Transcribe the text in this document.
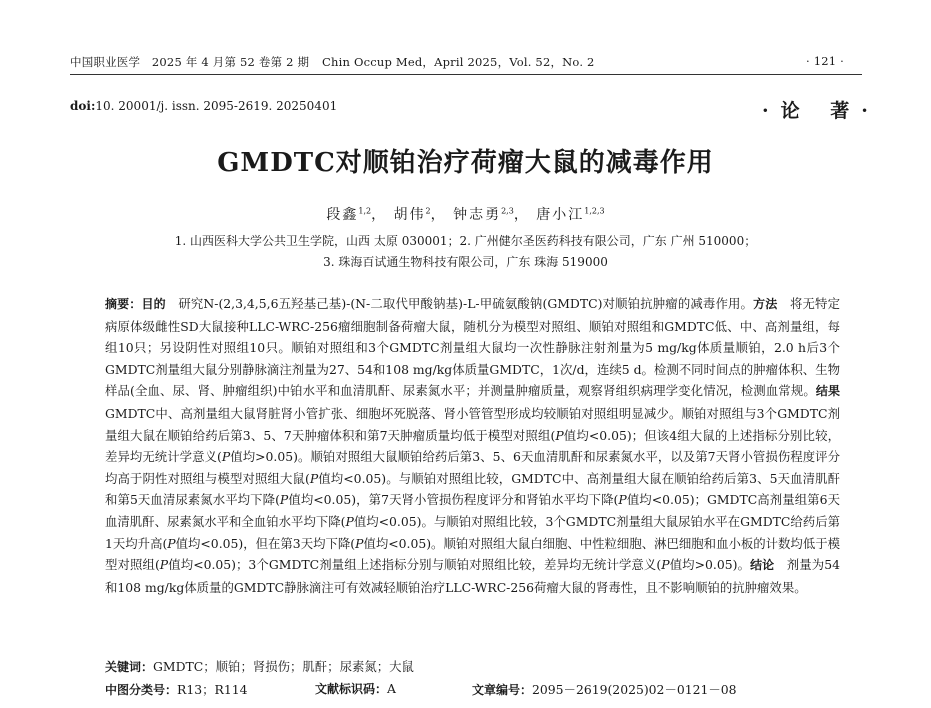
中国职业医学　2025 年 4 月第 52 卷第 2 期 Chin Occup Med，April 2025，Vol. 52，No. 2	· 121 ·
doi:10. 20001/j. issn. 2095-2619. 20250401	·论 著·
GMDTC对顺铂治疗荷瘤大鼠的减毒作用
段鑫$^{1,2}$， 胡伟$^2$， 钟志勇$^{2,3}$， 唐小江$^{1,2,3}$
1. 山西医科大学公共卫生学院，山西 太原 030001；2. 广州健尔圣医药科技有限公司，广东 广州 510000；
3. 珠海百试通生物科技有限公司，广东 珠海 519000
摘要：目的　 研究N-(2,3,4,5,6五羟基己基)-(N-二取代甲酸钠基)-L-甲硫氨酸钠(GMDTC)对顺铂抗肿瘤的减毒作用。方法　 将无特定病原体级雌性SD大鼠接种LLC-WRC-256瘤细胞制备荷瘤大鼠，随机分为模型对照组、顺铂对照组和GMDTC低、中、高剂量组，每组10只；另设阴性对照组10只。顺铂对照组和3个GMDTC剂量组大鼠均一次性静脉注射剂量为5 mg/kg体质量顺铂，2.0 h后3个GMDTC剂量组大鼠分别静脉滴注剂量为27、54和108 mg/kg体质量GMDTC，1次/d，连续5 d。检测不同时间点的肿瘤体积、生物样品(全血、尿、肾、肿瘤组织)中铂水平和血清肌酐、尿素氮水平；并测量肿瘤质量，观察肾组织病理学变化情况，检测血常规。结果　GMDTC中、高剂量组大鼠肾脏肾小管扩张、细胞坏死脱落、肾小管管型形成均较顺铂对照组明显减少。顺铂对照组与3个GMDTC剂量组大鼠在顺铂给药后第3、5、7天肿瘤体积和第7天肿瘤质量均低于模型对照组(P值均<0.05)；但该4组大鼠的上述指标分别比较，差异均无统计学意义(P值均>0.05)。顺铂对照组大鼠顺铂给药后第3、5、6天血清肌酐和尿素氮水平，以及第7天肾小管损伤程度评分均高于阴性对照组与模型对照组大鼠(P值均<0.05)。与顺铂对照组比较，GMDTC中、高剂量组大鼠在顺铂给药后第3、5天血清肌酐和第5天血清尿素氮水平均下降(P值均<0.05)，第7天肾小管损伤程度评分和肾铂水平均下降(P值均<0.05)；GMDTC高剂量组第6天血清肌酐、尿素氮水平和全血铂水平均下降(P值均<0.05)。与顺铂对照组比较，3个GMDTC剂量组大鼠尿铂水平在GMDTC给药后第1天均升高(P值均<0.05)，但在第3天均下降(P值均<0.05)。顺铂对照组大鼠白细胞、中性粒细胞、淋巴细胞和血小板的计数均低于模型对照组(P值均<0.05)；3个GMDTC剂量组上述指标分别与顺铂对照组比较，差异均无统计学意义(P值均>0.05)。结论　 剂量为54和108 mg/kg体质量的GMDTC静脉滴注可有效减轻顺铂治疗LLC-WRC-256荷瘤大鼠的肾毒性，且不影响顺铂的抗肿瘤效果。
关键词：GMDTC；顺铂；肾损伤；肌酐；尿素氮；大鼠
中图分类号：R13；R114	文献标识码：A	文章编号：2095－2619(2025)02－0121－08
